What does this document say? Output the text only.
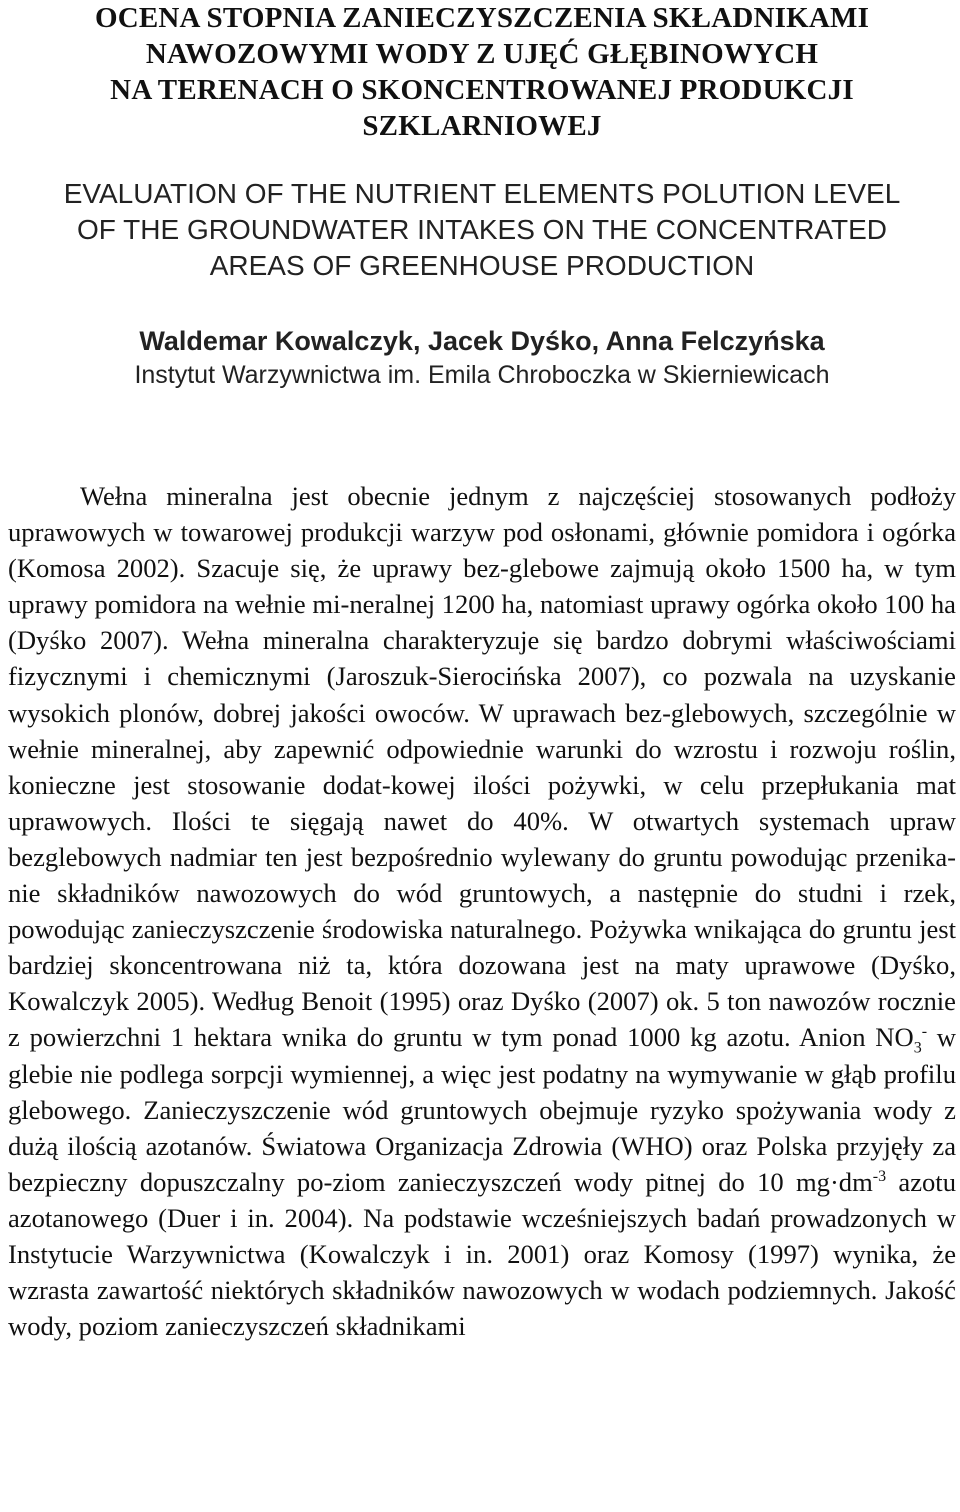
OCENA STOPNIA ZANIECZYSZCZENIA SKŁADNIKAMI
NAWOZOWYMI WODY Z UJĘĆ GŁĘBINOWYCH
NA TERENACH O SKONCENTROWANEJ PRODUKCJI
SZKLARNIOWEJ
EVALUATION OF THE NUTRIENT ELEMENTS POLUTION LEVEL
OF THE GROUNDWATER INTAKES ON THE CONCENTRATED
AREAS OF GREENHOUSE PRODUCTION

Waldemar Kowalczyk, Jacek Dyśko, Anna Felczyńska

Instytut Warzywnictwa im. Emila Chroboczka w Skierniewicach

Wełna mineralna jest obecnie jednym z najczęściej stosowanych podłoży uprawowych w towarowej produkcji warzyw pod osłonami, głównie pomidora i ogórka (Komosa 2002). Szacuje się, że uprawy bez-glebowe zajmują około 1500 ha, w tym uprawy pomidora na wełnie mi-neralnej 1200 ha, natomiast uprawy ogórka około 100 ha (Dyśko 2007). Wełna mineralna charakteryzuje się bardzo dobrymi właściwościami fizycznymi i chemicznymi (Jaroszuk-Sierocińska 2007), co pozwala na uzyskanie wysokich plonów, dobrej jakości owoców. W uprawach bez-glebowych, szczególnie w wełnie mineralnej, aby zapewnić odpowiednie warunki do wzrostu i rozwoju roślin, konieczne jest stosowanie dodat-kowej ilości pożywki, w celu przepłukania mat uprawowych. Ilości te sięgają nawet do 40%. W otwartych systemach upraw bezglebowych nadmiar ten jest bezpośrednio wylewany do gruntu powodując przenika-nie składników nawozowych do wód gruntowych, a następnie do studni i rzek, powodując zanieczyszczenie środowiska naturalnego. Pożywka wnikająca do gruntu jest bardziej skoncentrowana niż ta, która dozowana jest na maty uprawowe (Dyśko, Kowalczyk 2005). Według Benoit (1995) oraz Dyśko (2007) ok. 5 ton nawozów rocznie z powierzchni 1 hektara wnika do gruntu w tym ponad 1000 kg azotu. Anion $NO_3^-$ w glebie nie podlega sorpcji wymiennej, a więc jest podatny na wymywanie w głąb profilu glebowego. Zanieczyszczenie wód gruntowych obejmuje ryzyko spożywania wody z dużą ilością azotanów. Światowa Organizacja Zdrowia (WHO) oraz Polska przyjęły za bezpieczny dopuszczalny po-ziom zanieczyszczeń wody pitnej do 10 $mg\cdot dm^{-3}$ azotu azotanowego (Duer i in. 2004). Na podstawie wcześniejszych badań prowadzonych w Instytucie Warzywnictwa (Kowalczyk i in. 2001) oraz Komosy (1997) wynika, że wzrasta zawartość niektórych składników nawozowych w wodach podziemnych. Jakość wody, poziom zanieczyszczeń składnikami
